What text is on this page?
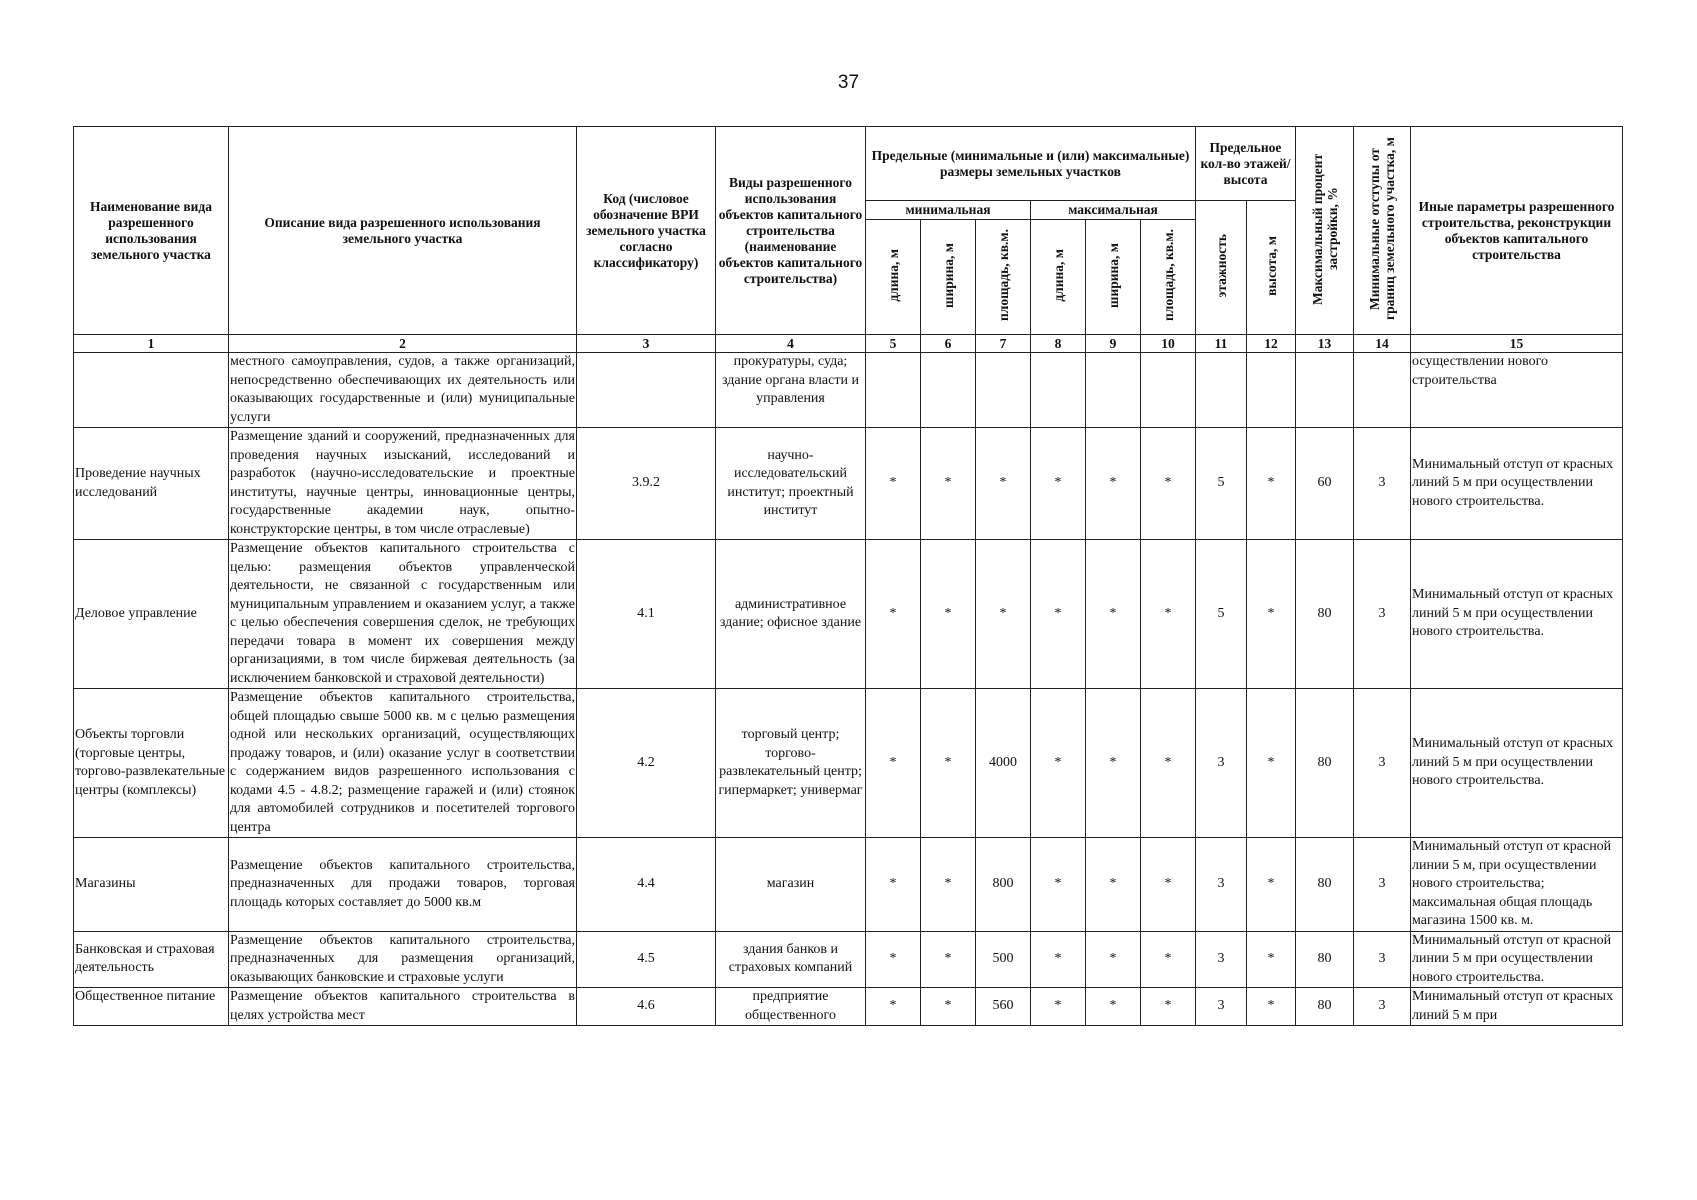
37
Наименование вида разрешенного использования земельного участка	Описание вида разрешенного использования земельного участка	Код (числовое обозначение ВРИ земельного участка согласно классификатору)	Виды разрешенного использования объектов капитального строительства (наименование объектов капитального строительства)	Предельные (минимальные и (или) максимальные) размеры земельных участков						Предельное кол-во этажей/ высота		Максимальный процент застройки, %	Минимальные отступы от границ земельного участка, м	Иные параметры разрешенного строительства, реконструкции объектов капитального строительства
				минимальная			максимальная			этажность	высота, м			
				длина, м	ширина, м	площадь, кв.м.	длина, м	ширина, м	площадь, кв.м.					
1	2	3	4	5	6	7	8	9	10	11	12	13	14	15
	местного самоуправления, судов, а также организаций, непосредственно обеспечивающих их деятельность или оказывающих государственные и (или) муниципальные услуги		прокуратуры, суда; здание органа власти и управления											осуществлении нового строительства
Проведение научных исследований	Размещение зданий и сооружений, предназначенных для проведения научных изысканий, исследований и разработок (научно-исследовательские и проектные институты, научные центры, инновационные центры, государственные академии наук, опытно-конструкторские центры, в том числе отраслевые)	3.9.2	научно-исследовательский институт; проектный институт	*	*	*	*	*	*	5	*	60	3	Минимальный отступ от красных линий 5 м при осуществлении нового строительства.
Деловое управление	Размещение объектов капитального строительства с целью: размещения объектов управленческой деятельности, не связанной с государственным или муниципальным управлением и оказанием услуг, а также с целью обеспечения совершения сделок, не требующих передачи товара в момент их совершения между организациями, в том числе биржевая деятельность (за исключением банковской и страховой деятельности)	4.1	административное здание; офисное здание	*	*	*	*	*	*	5	*	80	3	Минимальный отступ от красных линий 5 м при осуществлении нового строительства.
Объекты торговли (торговые центры, торгово-развлекательные центры (комплексы)	Размещение объектов капитального строительства, общей площадью свыше 5000 кв. м с целью размещения одной или нескольких организаций, осуществляющих продажу товаров, и (или) оказание услуг в соответствии с содержанием видов разрешенного использования с кодами 4.5 - 4.8.2; размещение гаражей и (или) стоянок для автомобилей сотрудников и посетителей торгового центра	4.2	торговый центр; торгово-развлекательный центр; гипермаркет; универмаг	*	*	4000	*	*	*	3	*	80	3	Минимальный отступ от красных линий 5 м при осуществлении нового строительства.
Магазины	Размещение объектов капитального строительства, предназначенных для продажи товаров, торговая площадь которых составляет до 5000 кв.м	4.4	магазин	*	*	800	*	*	*	3	*	80	3	Минимальный отступ от красной линии 5 м, при осуществлении нового строительства; максимальная общая площадь магазина 1500 кв. м.
Банковская и страховая деятельность	Размещение объектов капитального строительства, предназначенных для размещения организаций, оказывающих банковские и страховые услуги	4.5	здания банков и страховых компаний	*	*	500	*	*	*	3	*	80	3	Минимальный отступ от красной линии 5 м при осуществлении нового строительства.
Общественное питание	Размещение объектов капитального строительства в целях устройства мест	4.6	предприятие общественного	*	*	560	*	*	*	3	*	80	3	Минимальный отступ от красных линий 5 м при
